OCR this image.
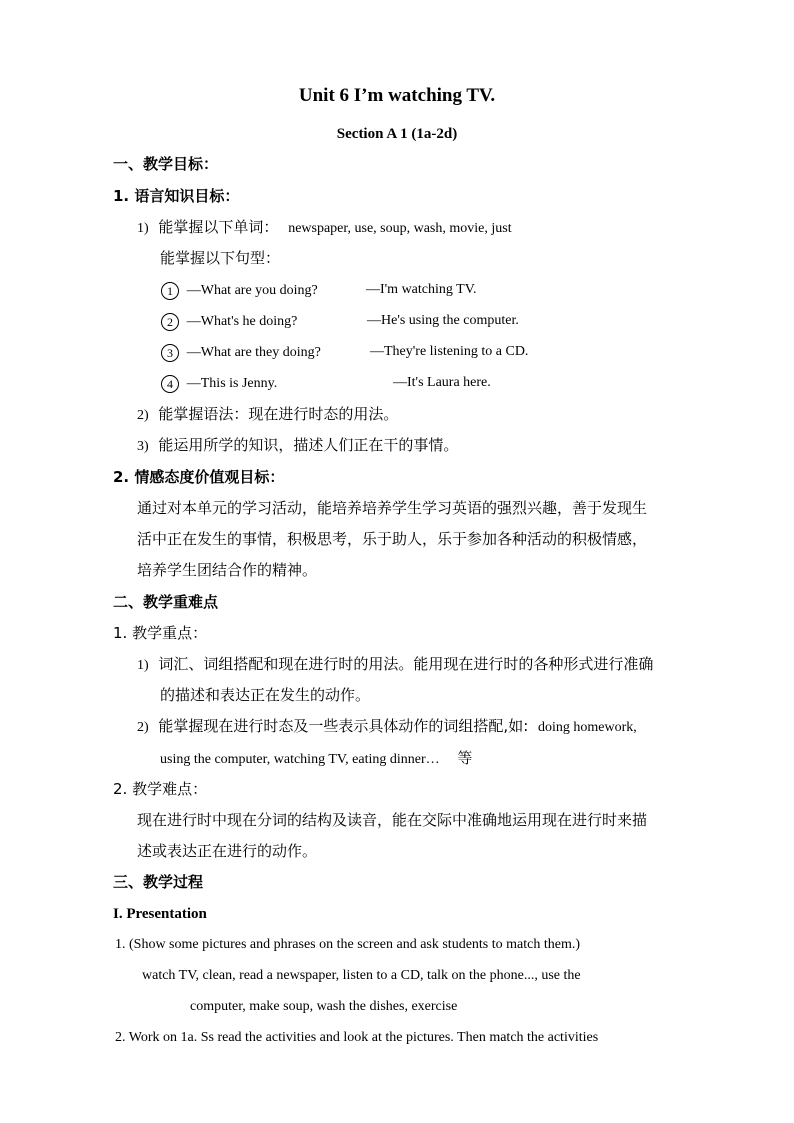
Unit 6 I’m watching TV.
Section A 1 (1a-2d)
一、教学目标：
1. 语言知识目标：
1) 能掌握以下单词： newspaper, use, soup, wash, movie, just
能掌握以下句型：
1 —What are you doing?	—I'm watching TV.
2 —What's he doing?	—He's using the computer.
3 —What are they doing?	—They're listening to a CD.
4 —This is Jenny.	—It's Laura here.
2) 能掌握语法：现在进行时态的用法。
3) 能运用所学的知识，描述人们正在干的事情。
2. 情感态度价值观目标：
通过对本单元的学习活动，能培养培养学生学习英语的强烈兴趣，善于发现生
活中正在发生的事情，积极思考，乐于助人，乐于参加各种活动的积极情感，
培养学生团结合作的精神。
二、教学重难点
1. 教学重点：
1) 词汇、词组搭配和现在进行时的用法。能用现在进行时的各种形式进行准确
的描述和表达正在发生的动作。
2) 能掌握现在进行时态及一些表示具体动作的词组搭配,如: doing homework,
using the computer, watching TV, eating dinner… 等
2. 教学难点：
现在进行时中现在分词的结构及读音，能在交际中准确地运用现在进行时来描
述或表达正在进行的动作。
三、教学过程
I. Presentation
1. (Show some pictures and phrases on the screen and ask students to match them.)
watch TV, clean, read a newspaper, listen to a CD, talk on the phone..., use the
computer, make soup, wash the dishes, exercise
2. Work on 1a. Ss read the activities and look at the pictures. Then match the activities
